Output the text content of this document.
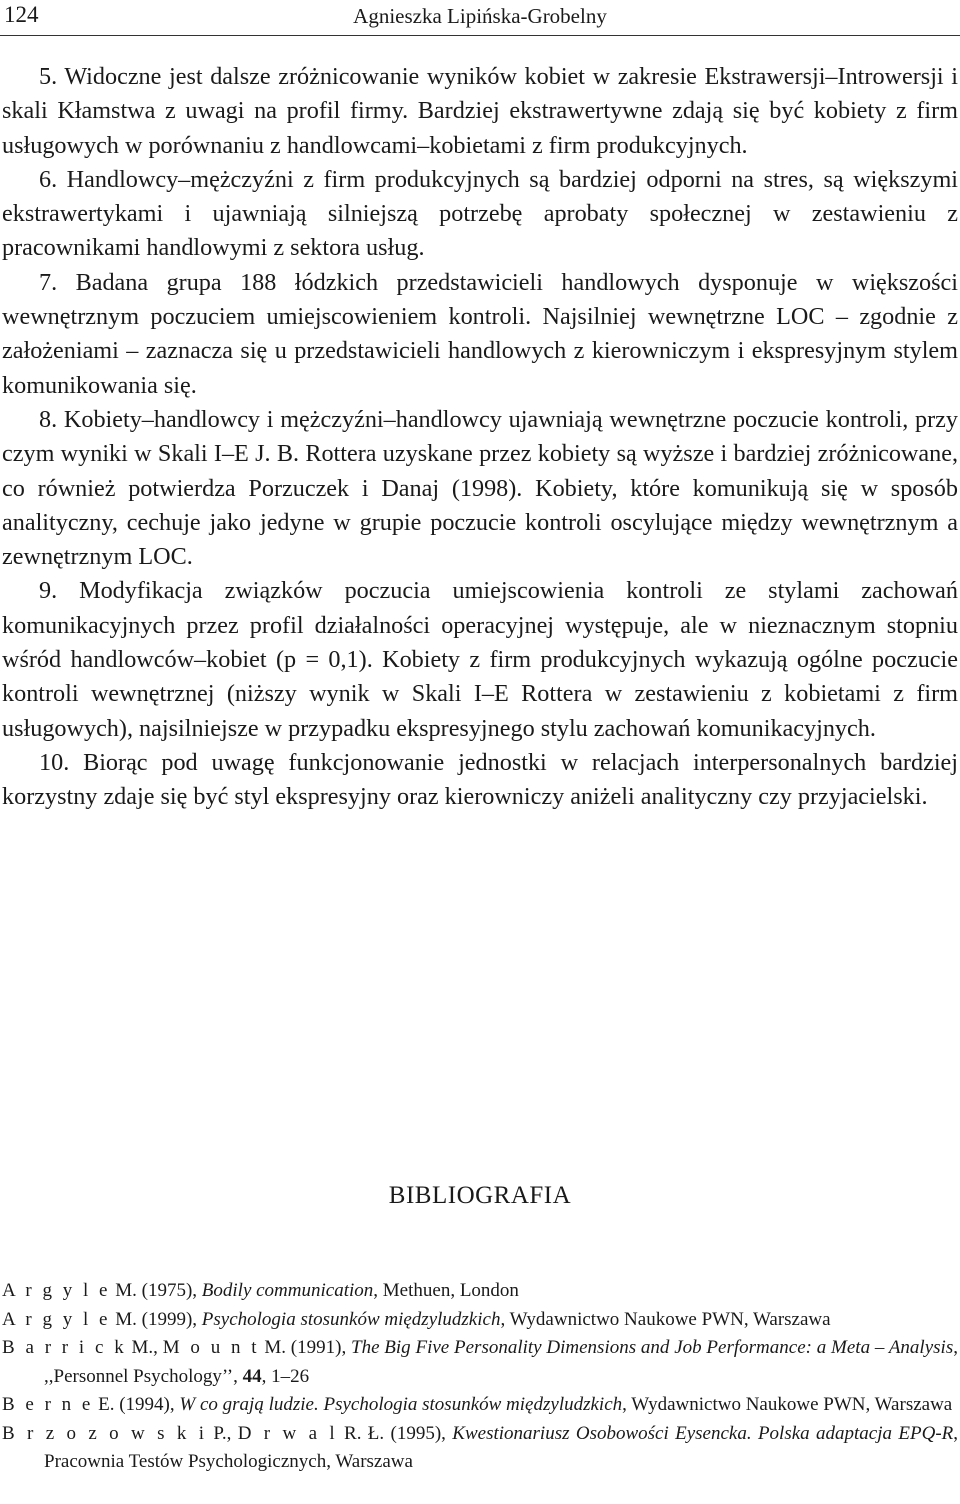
124	Agnieszka Lipińska-Grobelny

5. Widoczne jest dalsze zróżnicowanie wyników kobiet w zakresie Ekstrawersji–Introwersji i skali Kłamstwa z uwagi na profil firmy. Bardziej ekstrawertywne zdają się być kobiety z firm usługowych w porównaniu z handlowcami–kobietami z firm produkcyjnych.

6. Handlowcy–mężczyźni z firm produkcyjnych są bardziej odporni na stres, są większymi ekstrawertykami i ujawniają silniejszą potrzebę aprobaty społecznej w zestawieniu z pracownikami handlowymi z sektora usług.

7. Badana grupa 188 łódzkich przedstawicieli handlowych dysponuje w większości wewnętrznym poczuciem umiejscowieniem kontroli. Najsilniej wewnętrzne LOC – zgodnie z założeniami – zaznacza się u przedstawicieli handlowych z kierowniczym i ekspresyjnym stylem komunikowania się.

8. Kobiety–handlowcy i mężczyźni–handlowcy ujawniają wewnętrzne poczucie kontroli, przy czym wyniki w Skali I–E J. B. Rottera uzyskane przez kobiety są wyższe i bardziej zróżnicowane, co również potwierdza Porzuczek i Danaj (1998). Kobiety, które komunikują się w sposób analityczny, cechuje jako jedyne w grupie poczucie kontroli oscylujące między wewnętrznym a zewnętrznym LOC.

9. Modyfikacja związków poczucia umiejscowienia kontroli ze stylami zachowań komunikacyjnych przez profil działalności operacyjnej występuje, ale w nieznacznym stopniu wśród handlowców–kobiet (p = 0,1). Kobiety z firm produkcyjnych wykazują ogólne poczucie kontroli wewnętrznej (niższy wynik w Skali I–E Rottera w zestawieniu z kobietami z firm usługowych), najsilniejsze w przypadku ekspresyjnego stylu zachowań komunikacyjnych.

10. Biorąc pod uwagę funkcjonowanie jednostki w relacjach interpersonalnych bardziej korzystny zdaje się być styl ekspresyjny oraz kierowniczy aniżeli analityczny czy przyjacielski.

BIBLIOGRAFIA
A r g y l e M. (1975), Bodily communication, Methuen, London
A r g y l e M. (1999), Psychologia stosunków międzyludzkich, Wydawnictwo Naukowe PWN, Warszawa
B a r r i c k M., M o u n t M. (1991), The Big Five Personality Dimensions and Job Performance: a Meta – Analysis, ,,Personnel Psychology’’, 44, 1–26
B e r n e E. (1994), W co grają ludzie. Psychologia stosunków międzyludzkich, Wydawnictwo Naukowe PWN, Warszawa
B r z o z o w s k i P., D r w a l R. Ł. (1995), Kwestionariusz Osobowości Eysencka. Polska adaptacja EPQ-R, Pracownia Testów Psychologicznych, Warszawa
